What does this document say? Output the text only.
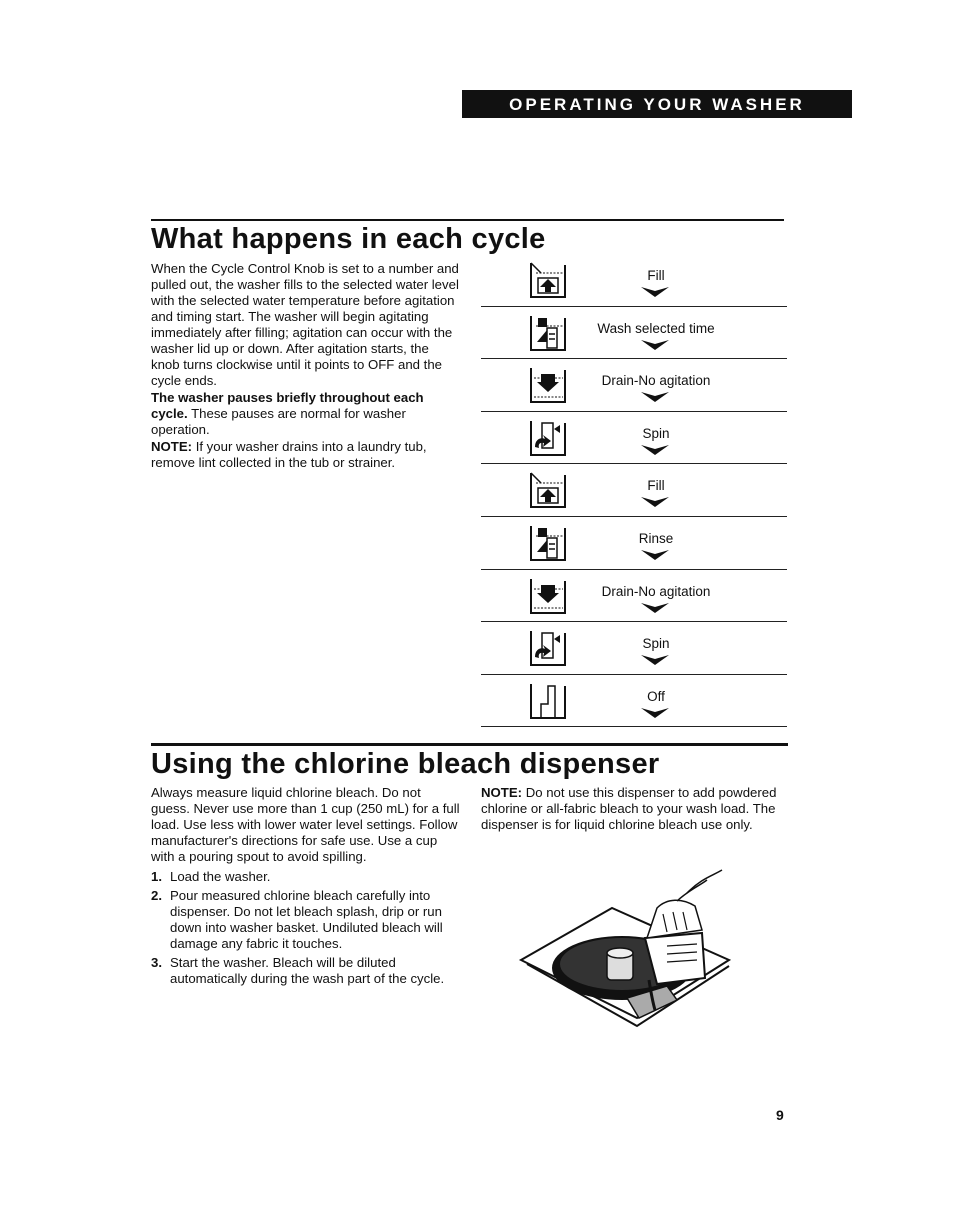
OPERATING YOUR WASHER
What happens in each cycle

When the Cycle Control Knob is set to a number and pulled out, the washer fills to the selected water level with the selected water temperature before agitation and timing start. The washer will begin agitating immediately after filling; agitation can occur with the washer lid up or down. After agitation starts, the knob turns clockwise until it points to OFF and the cycle ends.

The washer pauses briefly throughout each cycle. These pauses are normal for washer operation.

NOTE: If your washer drains into a laundry tub, remove lint collected in the tub or strainer.

Fill
Wash selected time
Drain-No agitation
Spin
Fill
Rinse
Drain-No agitation
Spin
Off
Using the chlorine bleach dispenser

Always measure liquid chlorine bleach. Do not guess. Never use more than 1 cup (250 mL) for a full load. Use less with lower water level settings. Follow manufacturer's directions for safe use. Use a cup with a pouring spout to avoid spilling.

1. Load the washer.
2. Pour measured chlorine bleach carefully into dispenser. Do not let bleach splash, drip or run down into washer basket. Undiluted bleach will damage any fabric it touches.
3. Start the washer. Bleach will be diluted automatically during the wash part of the cycle.

NOTE: Do not use this dispenser to add powdered chlorine or all-fabric bleach to your wash load. The dispenser is for liquid chlorine bleach use only.

9
